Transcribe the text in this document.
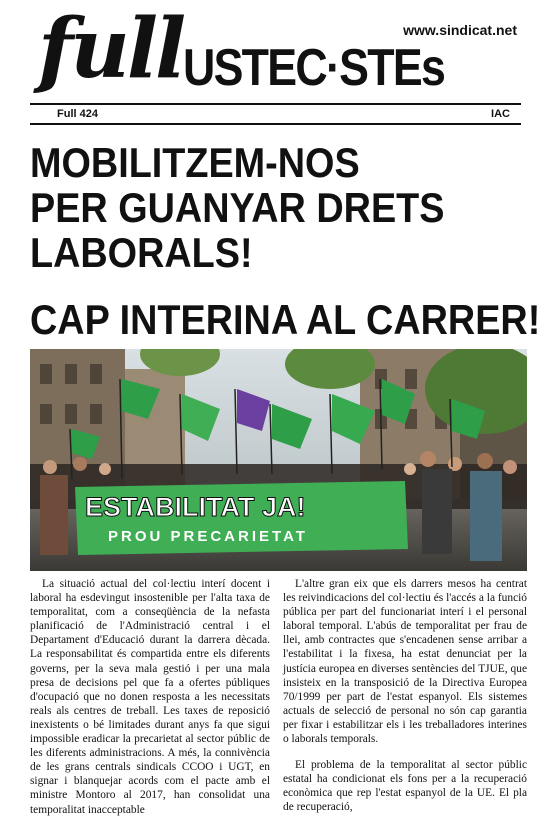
full USTEC·STEs
www.sindicat.net
Full 424	IAC
MOBILITZEM-NOS
PER GUANYAR DRETS
LABORALS!
CAP INTERINA AL CARRER!
ESTABILITAT JA!
PROU PRECARIETAT

La situació actual del col·lectiu interí docent i laboral ha esdevingut insostenible per l'alta taxa de temporalitat, com a conseqüència de la nefasta planificació de l'Administració central i el Departament d'Educació durant la darrera dècada. La responsabilitat és compartida entre els diferents governs, per la seva mala gestió i per una mala presa de decisions pel que fa a ofertes públiques d'ocupació que no donen resposta a les necessitats reals als centres de treball. Les taxes de reposició inexistents o bé limitades durant anys fa que sigui impossible eradicar la precarietat al sector públic de les diferents administracions. A més, la connivència de les grans centrals sindicals CCOO i UGT, en signar i blanquejar acords com el pacte amb el ministre Montoro al 2017, han consolidat una temporalitat inacceptable

L'altre gran eix que els darrers mesos ha centrat les reivindicacions del col·lectiu és l'accés a la funció pública per part del funcionariat interí i el personal laboral temporal. L'abús de temporalitat per frau de llei, amb contractes que s'encadenen sense arribar a l'estabilitat i la fixesa, ha estat denunciat per la justícia europea en diverses sentències del TJUE, que insisteix en la transposició de la Directiva Europea 70/1999 per part de l'estat espanyol. Els sistemes actuals de selecció de personal no són cap garantia per fixar i estabilitzar els i les treballadores interines o laborals temporals.

El problema de la temporalitat al sector públic estatal ha condicionat els fons per a la recuperació econòmica que rep l'estat espanyol de la UE. El pla de recuperació,
